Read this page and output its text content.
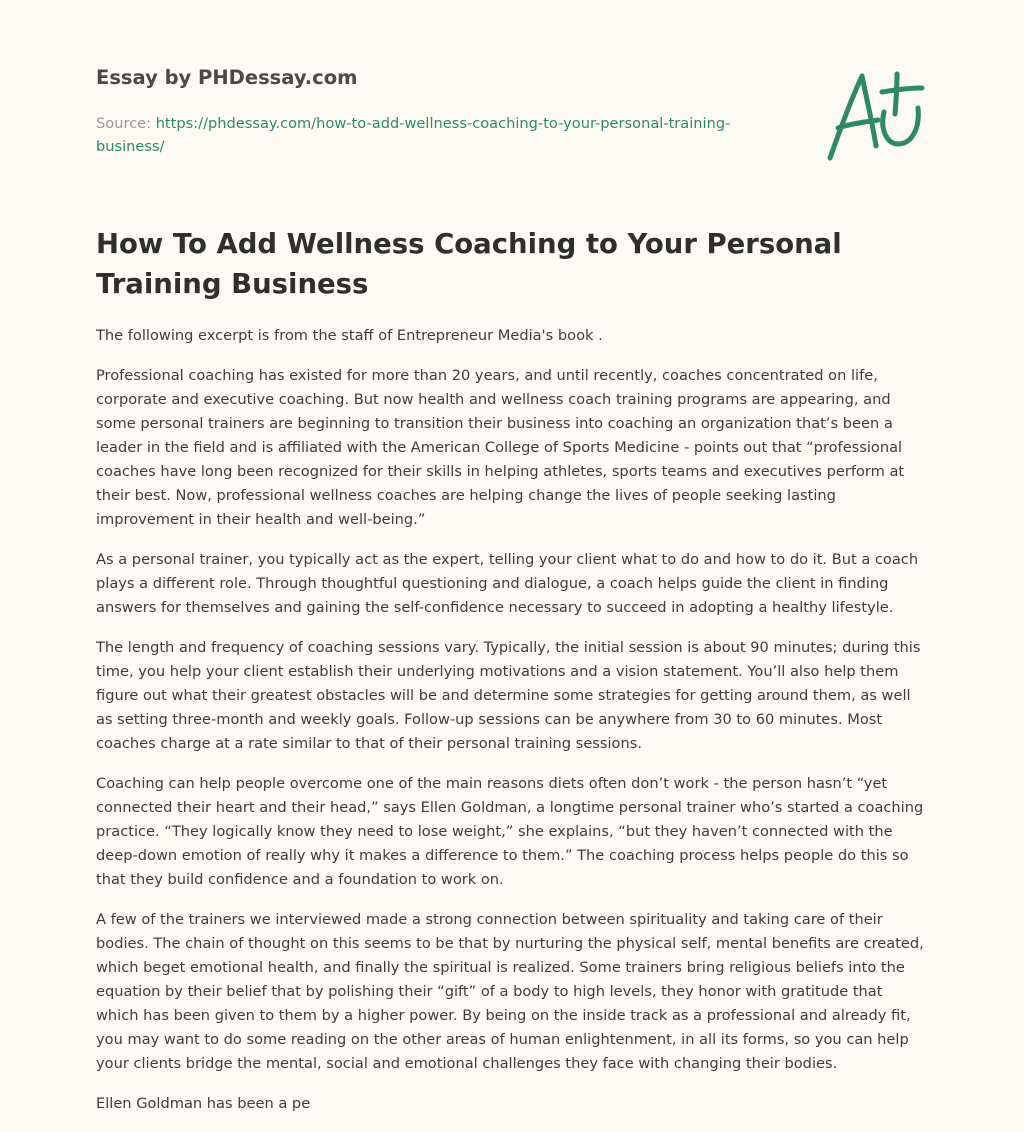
Essay by PHDessay.com
Source: https://phdessay.com/how-to-add-wellness-coaching-to-your-personal-training-business/
How To Add Wellness Coaching to Your Personal Training Business

The following excerpt is from the staff of Entrepreneur Media's book .

Professional coaching has existed for more than 20 years, and until recently, coaches concentrated on life, corporate and executive coaching. But now health and wellness coach training programs are appearing, and some personal trainers are beginning to transition their business into coaching an organization that’s been a leader in the field and is affiliated with the American College of Sports Medicine - points out that “professional coaches have long been recognized for their skills in helping athletes, sports teams and executives perform at their best. Now, professional wellness coaches are helping change the lives of people seeking lasting improvement in their health and well-being.”

As a personal trainer, you typically act as the expert, telling your client what to do and how to do it. But a coach plays a different role. Through thoughtful questioning and dialogue, a coach helps guide the client in finding answers for themselves and gaining the self-confidence necessary to succeed in adopting a healthy lifestyle.

The length and frequency of coaching sessions vary. Typically, the initial session is about 90 minutes; during this time, you help your client establish their underlying motivations and a vision statement. You’ll also help them figure out what their greatest obstacles will be and determine some strategies for getting around them, as well as setting three-month and weekly goals. Follow-up sessions can be anywhere from 30 to 60 minutes. Most coaches charge at a rate similar to that of their personal training sessions.

Coaching can help people overcome one of the main reasons diets often don’t work - the person hasn’t “yet connected their heart and their head,” says Ellen Goldman, a longtime personal trainer who’s started a coaching practice. “They logically know they need to lose weight,” she explains, “but they haven’t connected with the deep-down emotion of really why it makes a difference to them.” The coaching process helps people do this so that they build confidence and a foundation to work on.

A few of the trainers we interviewed made a strong connection between spirituality and taking care of their bodies. The chain of thought on this seems to be that by nurturing the physical self, mental benefits are created, which beget emotional health, and finally the spiritual is realized. Some trainers bring religious beliefs into the equation by their belief that by polishing their “gift” of a body to high levels, they honor with gratitude that which has been given to them by a higher power. By being on the inside track as a professional and already fit, you may want to do some reading on the other areas of human enlightenment, in all its forms, so you can help your clients bridge the mental, social and emotional challenges they face with changing their bodies.

Ellen Goldman has been a pe
